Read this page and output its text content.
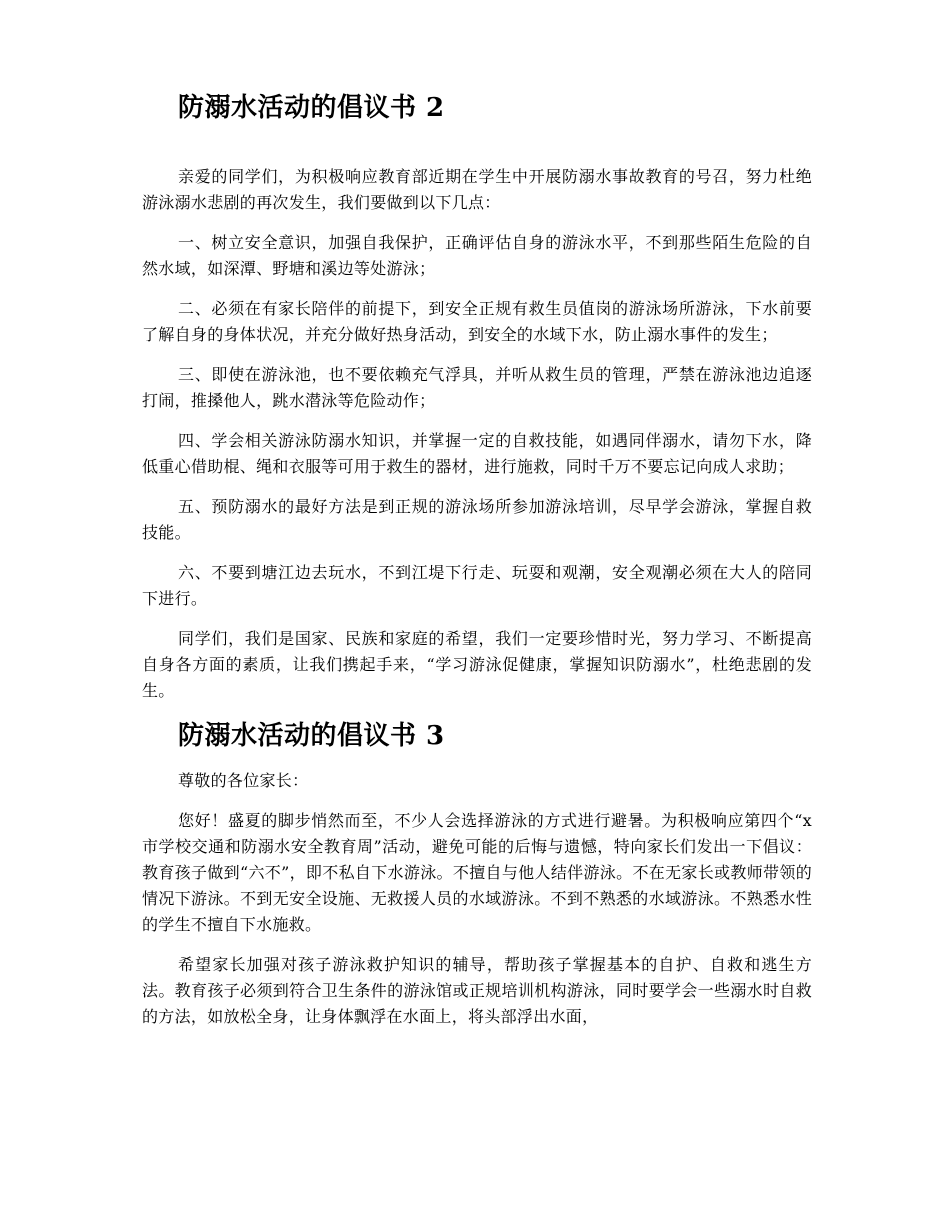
防溺水活动的倡议书 2

亲爱的同学们，为积极响应教育部近期在学生中开展防溺水事故教育的号召，努力杜绝游泳溺水悲剧的再次发生，我们要做到以下几点：

一、树立安全意识，加强自我保护，正确评估自身的游泳水平，不到那些陌生危险的自然水域，如深潭、野塘和溪边等处游泳；

二、必须在有家长陪伴的前提下，到安全正规有救生员值岗的游泳场所游泳，下水前要了解自身的身体状况，并充分做好热身活动，到安全的水域下水，防止溺水事件的发生；

三、即使在游泳池，也不要依赖充气浮具，并听从救生员的管理，严禁在游泳池边追逐打闹，推搡他人，跳水潜泳等危险动作；

四、学会相关游泳防溺水知识，并掌握一定的自救技能，如遇同伴溺水，请勿下水，降低重心借助棍、绳和衣服等可用于救生的器材，进行施救，同时千万不要忘记向成人求助；

五、预防溺水的最好方法是到正规的游泳场所参加游泳培训，尽早学会游泳，掌握自救技能。

六、不要到塘江边去玩水，不到江堤下行走、玩耍和观潮，安全观潮必须在大人的陪同下进行。

同学们，我们是国家、民族和家庭的希望，我们一定要珍惜时光，努力学习、不断提高自身各方面的素质，让我们携起手来，“学习游泳促健康，掌握知识防溺水”，杜绝悲剧的发生。

防溺水活动的倡议书 3

尊敬的各位家长：

您好！盛夏的脚步悄然而至，不少人会选择游泳的方式进行避暑。为积极响应第四个“x 市学校交通和防溺水安全教育周”活动，避免可能的后悔与遗憾，特向家长们发出一下倡议：教育孩子做到“六不”，即不私自下水游泳。不擅自与他人结伴游泳。不在无家长或教师带领的情况下游泳。不到无安全设施、无救援人员的水域游泳。不到不熟悉的水域游泳。不熟悉水性的学生不擅自下水施救。

希望家长加强对孩子游泳救护知识的辅导，帮助孩子掌握基本的自护、自救和逃生方法。教育孩子必须到符合卫生条件的游泳馆或正规培训机构游泳，同时要学会一些溺水时自救的方法，如放松全身，让身体飘浮在水面上，将头部浮出水面，
